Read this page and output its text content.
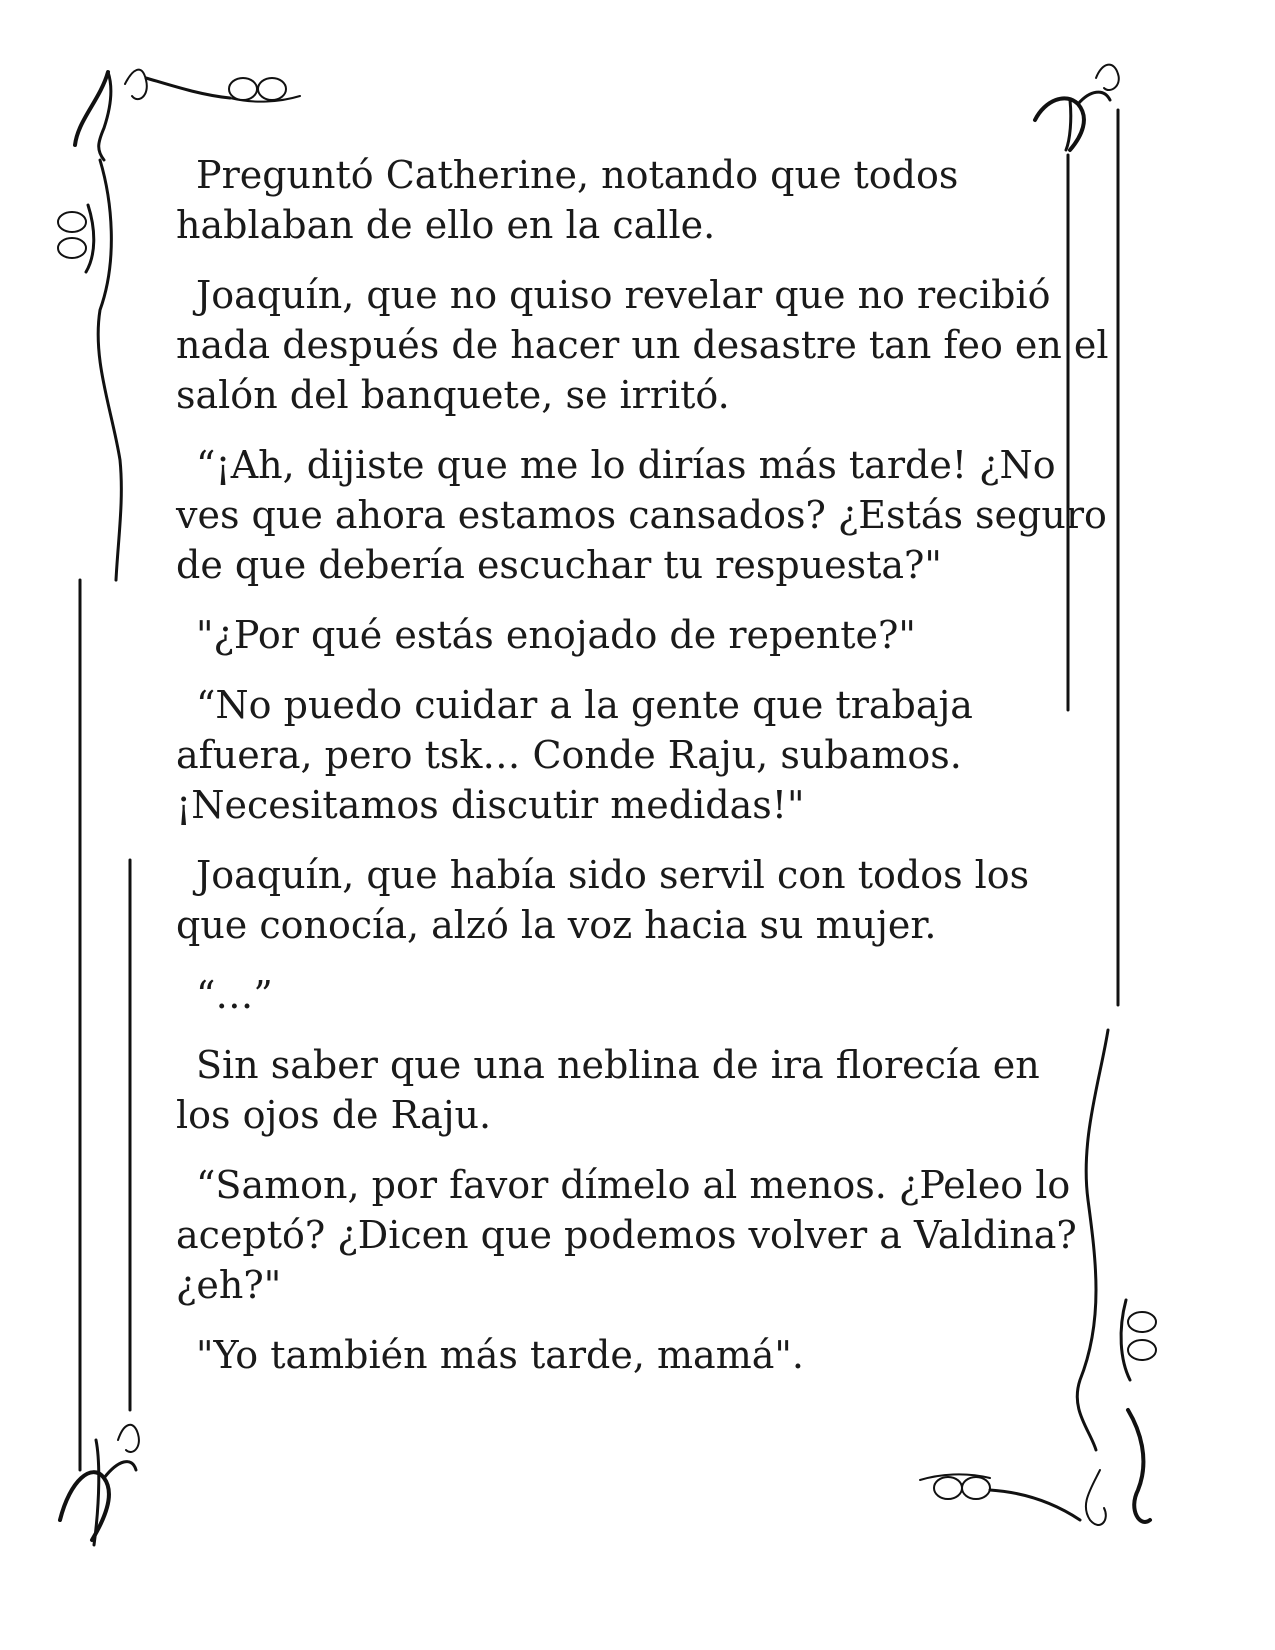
Preguntó Catherine, notando que todos
hablaban de ello en la calle.

Joaquín, que no quiso revelar que no recibió
nada después de hacer un desastre tan feo en el
salón del banquete, se irritó.

“¡Ah, dijiste que me lo dirías más tarde! ¿No
ves que ahora estamos cansados? ¿Estás seguro
de que debería escuchar tu respuesta?"

"¿Por qué estás enojado de repente?"

“No puedo cuidar a la gente que trabaja
afuera, pero tsk… Conde Raju, subamos.
¡Necesitamos discutir medidas!"

Joaquín, que había sido servil con todos los
que conocía, alzó la voz hacia su mujer.

“…”

Sin saber que una neblina de ira florecía en
los ojos de Raju.

“Samon, por favor dímelo al menos. ¿Peleo lo
aceptó? ¿Dicen que podemos volver a Valdina?
¿eh?"

"Yo también más tarde, mamá".
